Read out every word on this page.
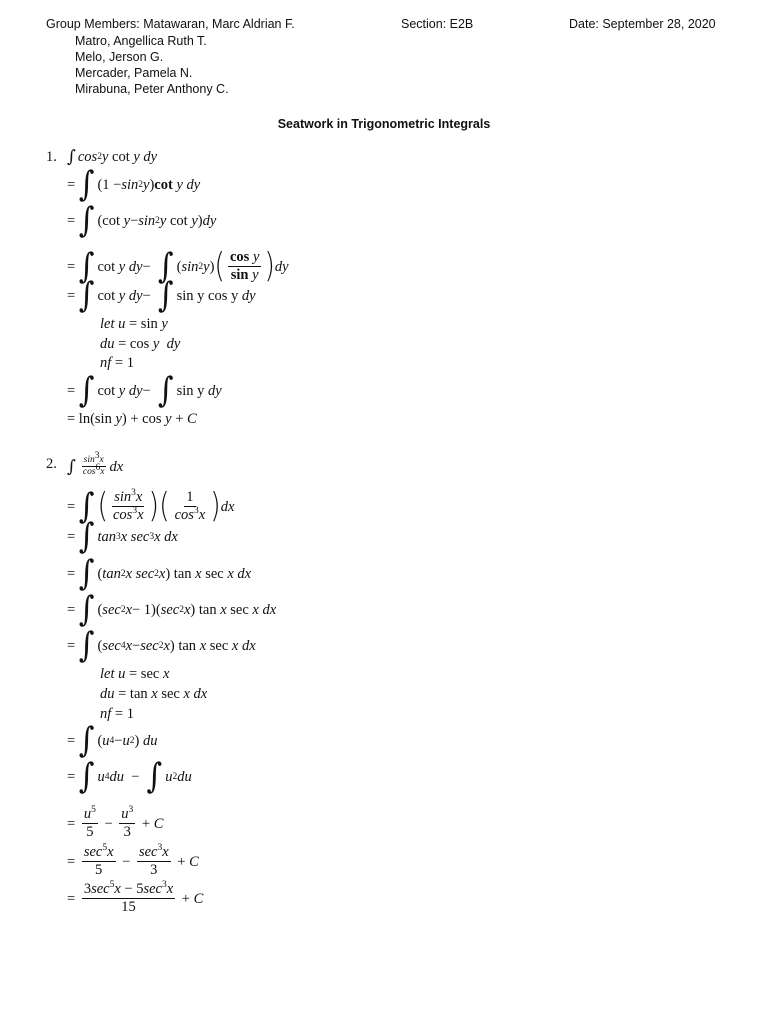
Group Members: Matawaran, Marc Aldrian F.	Section: E2B	Date: September 28, 2020
Matro, Angellica Ruth T.
Melo, Jerson G.
Mercader, Pamela N.
Mirabuna, Peter Anthony C.
Seatwork in Trigonometric Integrals
1. ∫ cos 2 y cot y dy
= ∫ (1 − sin 2 y ) cot
y dy
= ∫ (cot y − sin 2 y cot y ) dy
= ∫ cot y dy − ∫ ( sin 2 y ) ( $\frac{\text{cos y}}{\text{sin y}}$ ) dy
= ∫ cot y dy − ∫ sin y cos y dy
let u = sin y
du = cos y  dy
nf = 1
= ∫ cot y dy − ∫ sin y dy
= ln(sin y ) + cos y + C
2. ∫ $\frac{\sin^3x}{\cos^6x}$ dx
= ∫ ( $\frac{\sin^3x}{\cos^3x}$ ) ( $\frac{1}{\cos^3x}$ ) dx
= ∫ tan 3 x sec 3 x dx
= ∫ ( tan 2 x sec 2 x ) tan x sec x dx
= ∫ ( sec 2 x − 1)( sec 2 x ) tan x sec x dx
= ∫ ( sec 4 x − sec 2 x ) tan x sec x dx
let u = sec x
du = tan x sec x dx
nf = 1
= ∫ ( u 4 − u 2 ) du
= ∫ u 4 du − ∫ u 2 du
= $\frac{u^5}{5} - \frac{u^3}{3} + C$
= $\frac{\sec^5x}{5} - \frac{\sec^3x}{3} + C$
= $\frac{3\sec^5x - 5\sec^3x}{15} + C$
